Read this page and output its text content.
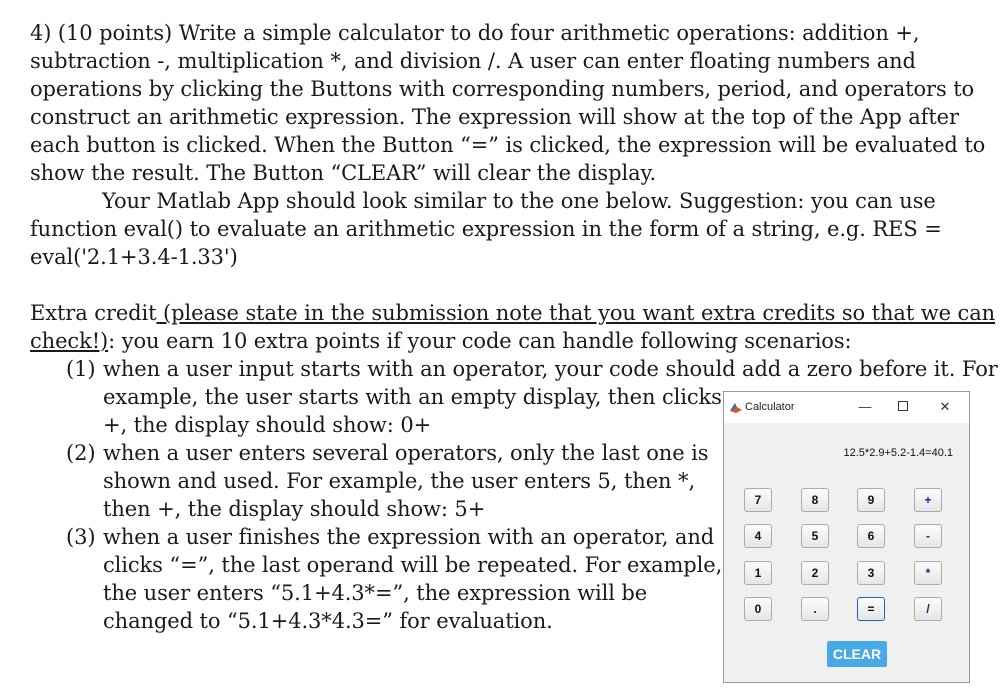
4) (10 points) Write a simple calculator to do four arithmetic operations: addition +,
subtraction -, multiplication *, and division /. A user can enter floating numbers and
operations by clicking the Buttons with corresponding numbers, period, and operators to
construct an arithmetic expression. The expression will show at the top of the App after
each button is clicked. When the Button “=” is clicked, the expression will be evaluated to
show the result. The Button “CLEAR” will clear the display.
Your Matlab App should look similar to the one below. Suggestion: you can use
function eval() to evaluate an arithmetic expression in the form of a string, e.g. RES =
eval('2.1+3.4-1.33')
Extra credit (please state in the submission note that you want extra credits so that we can
check!): you earn 10 extra points if your code can handle following scenarios:
(1) when a user input starts with an operator, your code should add a zero before it. For
example, the user starts with an empty display, then clicks
+, the display should show: 0+
(2) when a user enters several operators, only the last one is
shown and used. For example, the user enters 5, then *,
then +, the display should show: 5+
(3) when a user finishes the expression with an operator, and
clicks “=”, the last operand will be repeated. For example,
the user enters “5.1+4.3*=”, the expression will be
changed to “5.1+4.3*4.3=” for evaluation.
Calculator	—	✕
12.5*2.9+5.2-1.4=40.1
7	8	9	+
4	5	6	-
1	2	3	*
0	.	=	/
CLEAR
